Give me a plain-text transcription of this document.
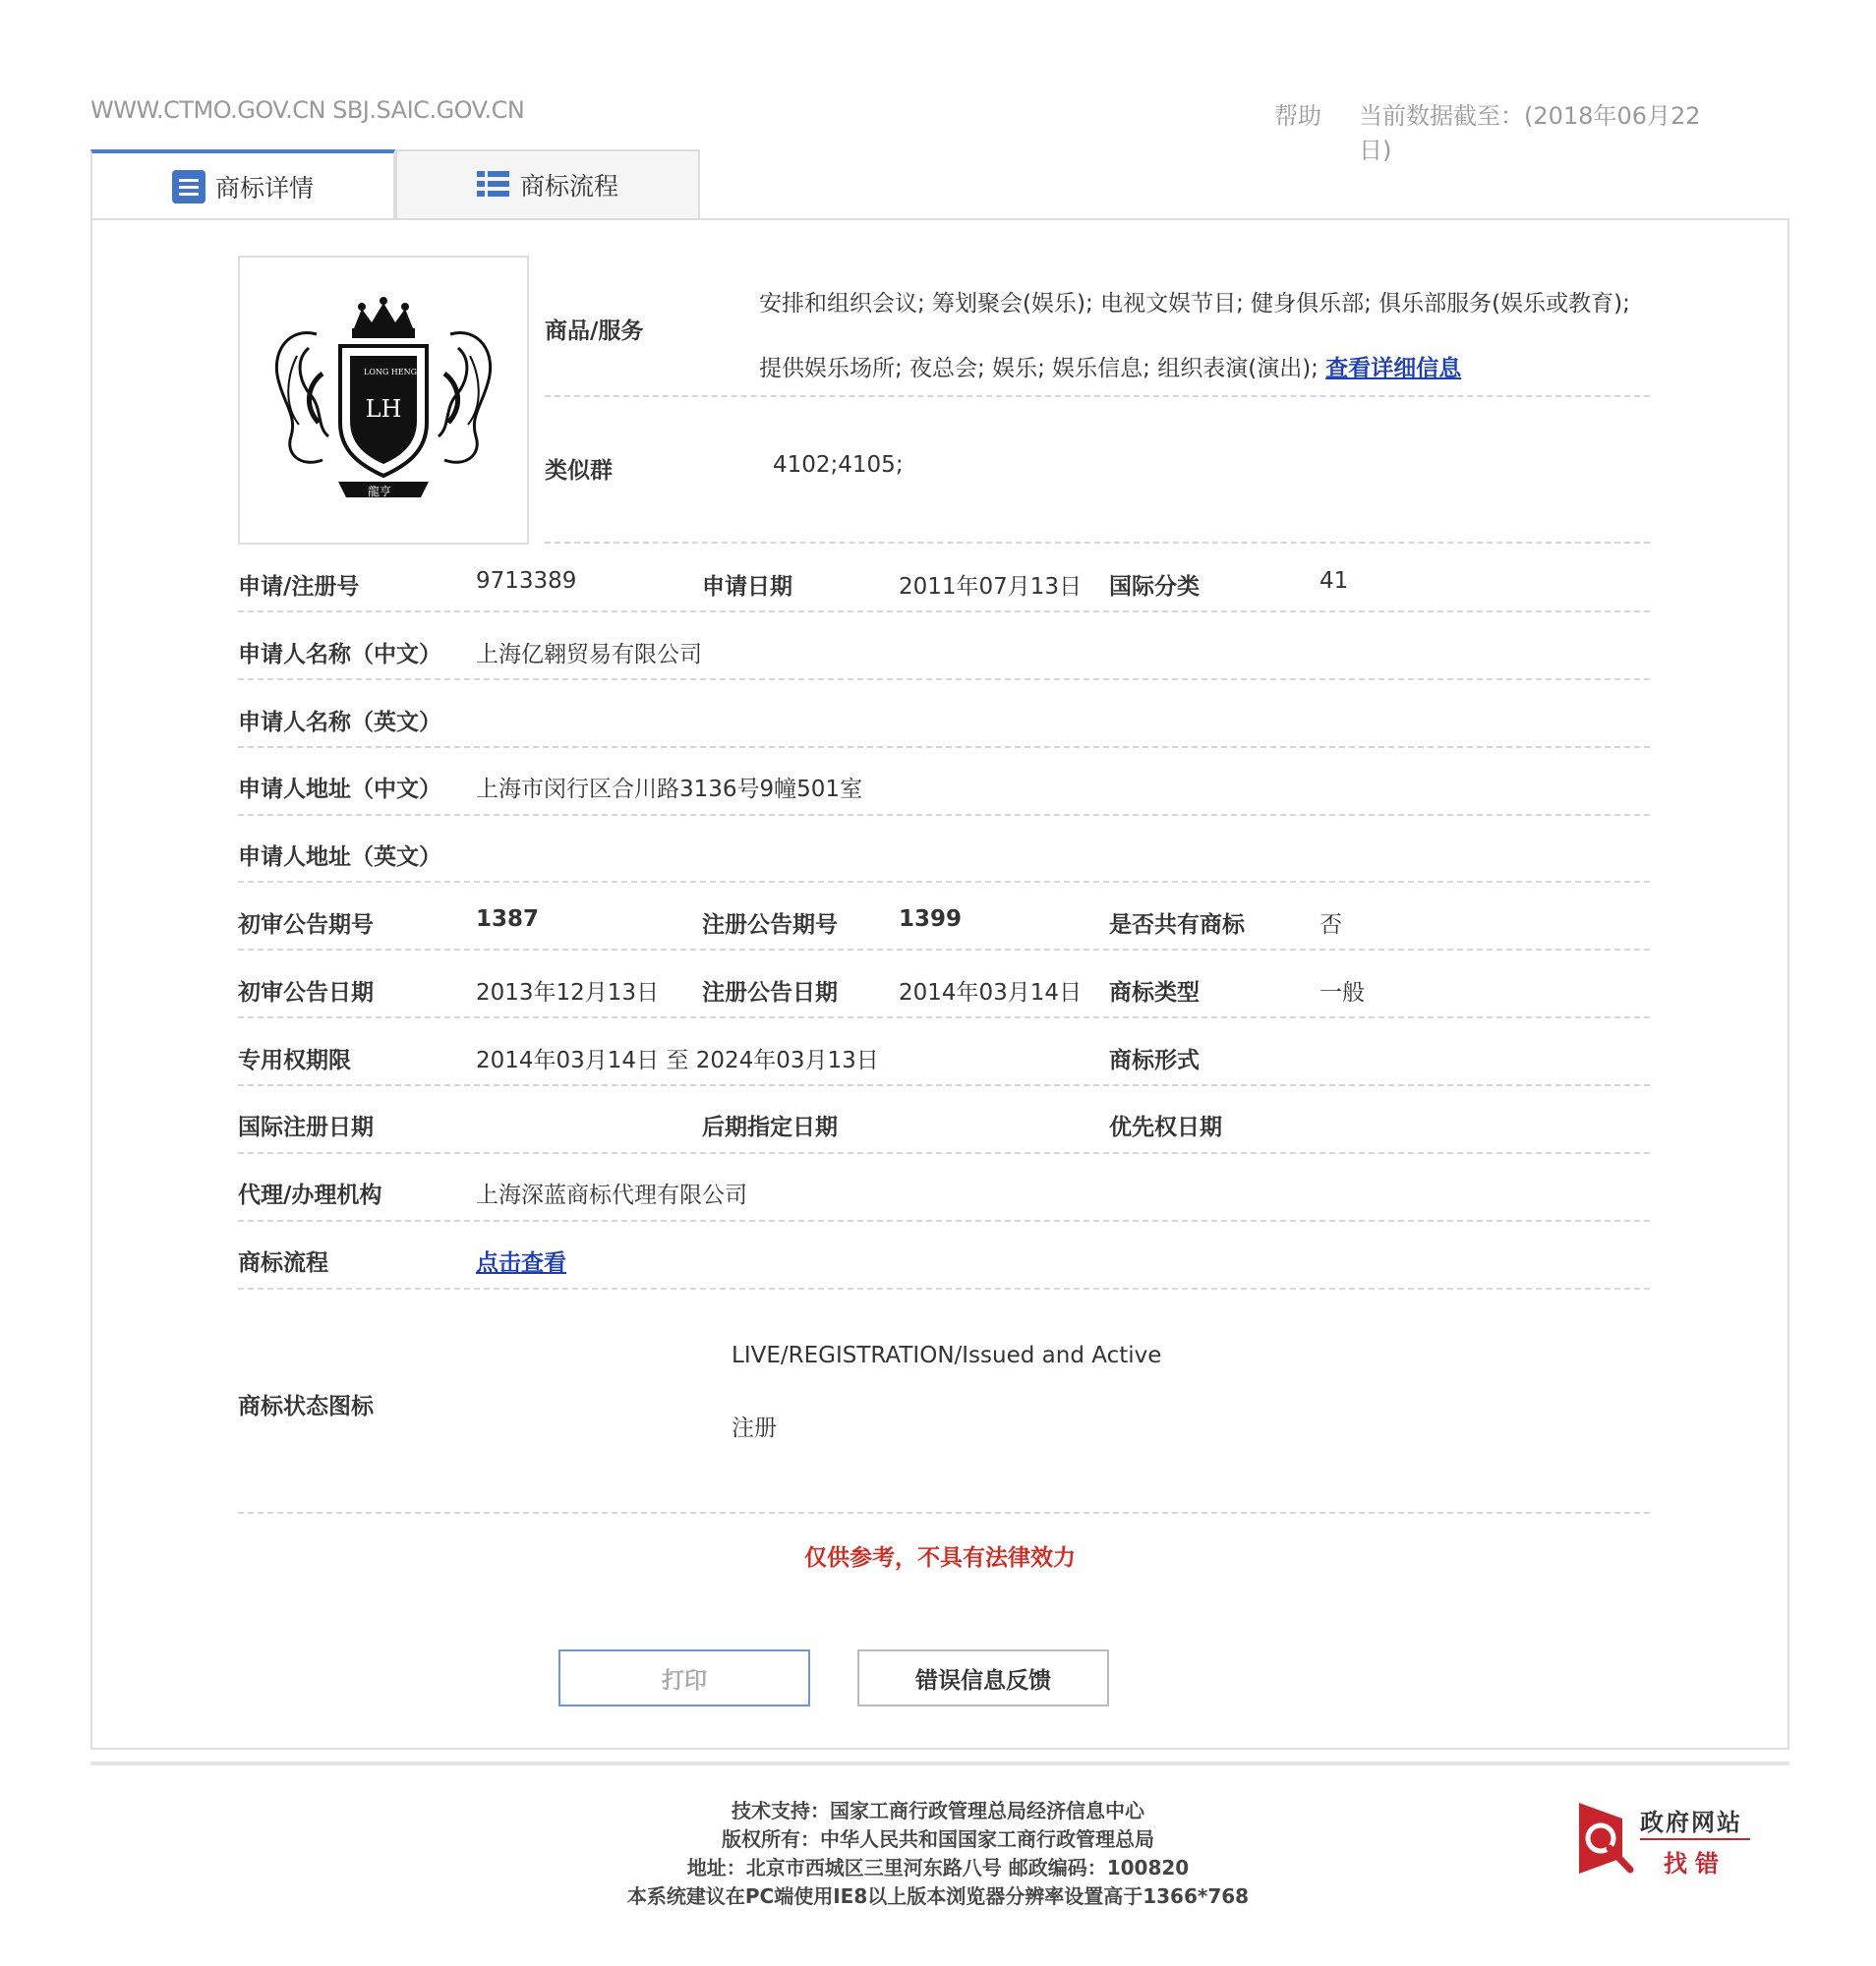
WWW.CTMO.GOV.CN SBJ.SAIC.GOV.CN	帮助 当前数据截至：(2018年06月22日)
商标详情	商标流程
LONG HENG
LH
龍亨
商品/服务
安排和组织会议; 筹划聚会(娱乐); 电视文娱节目; 健身俱乐部; 俱乐部服务(娱乐或教育); 提供娱乐场所; 夜总会; 娱乐; 娱乐信息; 组织表演(演出); 查看详细信息
类似群	4102;4105;
申请/注册号	9713389	申请日期	2011年07月13日 国际分类	41
申请人名称（中文） 上海亿翱贸易有限公司
申请人名称（英文）
申请人地址（中文） 上海市闵行区合川路3136号9幢501室
申请人地址（英文）
初审公告期号	1387	注册公告期号	1399	是否共有商标	否
初审公告日期	2013年12月13日 注册公告日期	2014年03月14日 商标类型	一般
专用权期限	2014年03月14日 至 2024年03月13日	商标形式
国际注册日期	后期指定日期	优先权日期
代理/办理机构	上海深蓝商标代理有限公司
商标流程	点击查看
商标状态图标
LIVE/REGISTRATION/Issued and Active
注册
仅供参考，不具有法律效力
打印	错误信息反馈
技术支持：国家工商行政管理总局经济信息中心
版权所有：中华人民共和国国家工商行政管理总局
地址：北京市西城区三里河东路八号 邮政编码：100820
本系统建议在PC端使用IE8以上版本浏览器分辨率设置高于1366*768
政府网站
找错
